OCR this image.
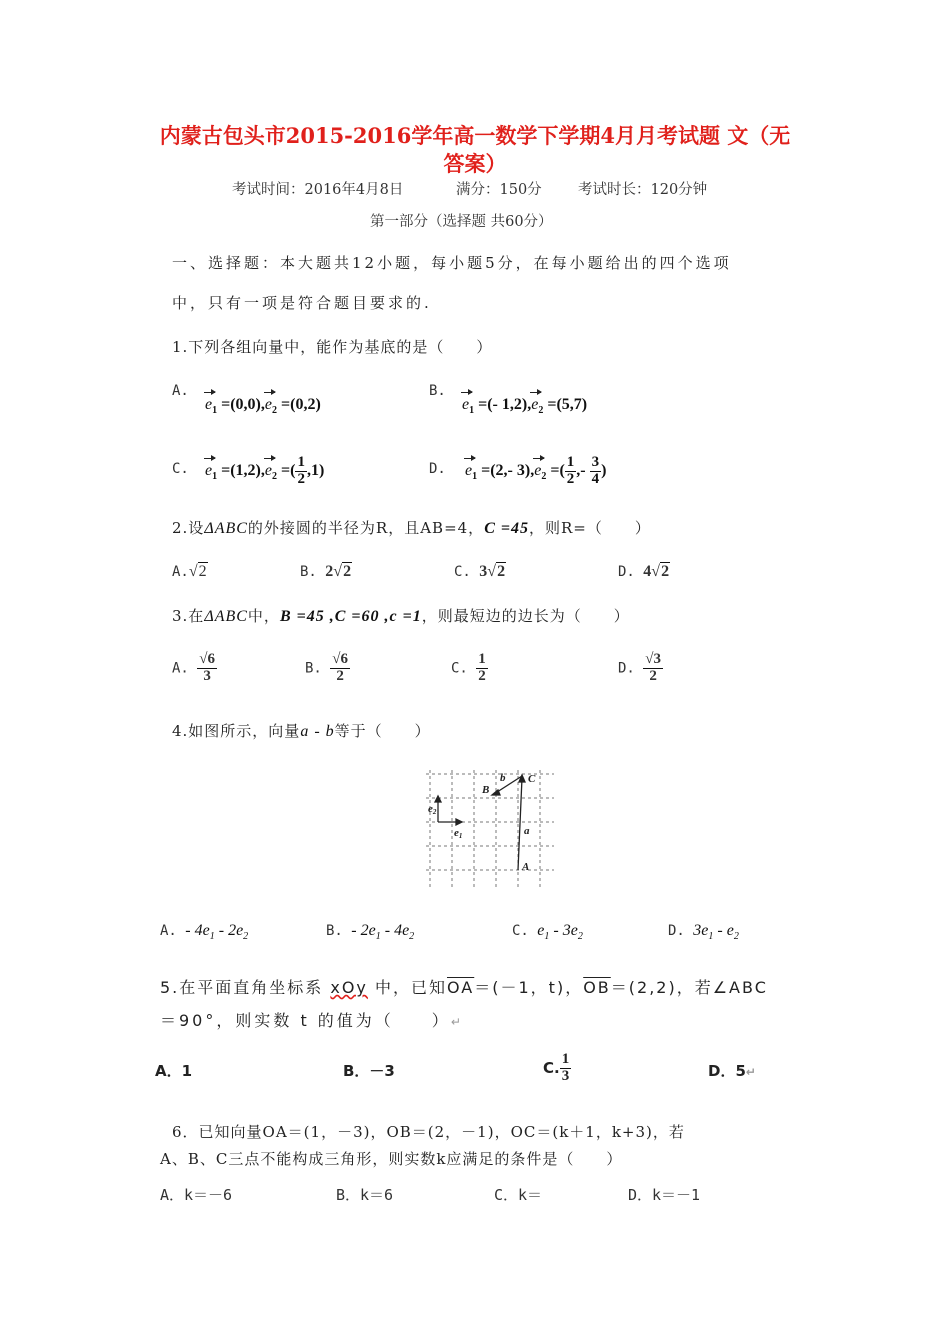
内蒙古包头市2015-2016学年高一数学下学期4月月考试题 文（无
答案）
考试时间：2016年4月8日	满分：150分	考试时长：120分钟
第一部分（选择题 共60分）
一、选择题：本大题共12小题，每小题5分，在每小题给出的四个选项
中，只有一项是符合题目要求的.
1.下列各组向量中，能作为基底的是（　　）
A.
$e_1 =(0,0),e_2 =(0,2)$
B.
$e_1$ =(- $1,2),e_2 =(5,7)$
C. $e_1 =(1,2),e_2$ =( $\frac{1}{2} ,1$)	D. $e_1 =(2,-$ $3),e_2$ =( $\frac{1}{2}$ ,- $\frac{3}{4}$ )
2.设ΔABC的外接圆的半径为R，且AB=4，C =45，则R=（　　）
A.√2	B. 2√2	C. 3√2	D. 4√2
3.在ΔABC中，B =45 ,C =60 ,c =1，则最短边的边长为（　　）
A. $\frac{√6}{3}$	B. $\frac{√6}{2}$	C. $\frac{1}{2}$	D. $\frac{√3}{2}$
4.如图所示，向量a - b等于（　　）
B
b C
a
A
e2
e1
A. - $4e_1 - 2e_2$	B. - $2e_1 - 4e_2$	C. $e_1 - 3e_2$	D. $3e_1 - e_2$
5.在平面直角坐标系 xOy 中，已知$\overline{OA}=(-1$，t)，$\overline{OB}=(2,2)$，若∠ABC
＝90°，则实数 t 的值为（　　）↵
A．1	B．－3	C. $\frac{1}{3}$	D．5↵
6．已知向量OA＝(1，－3)，OB＝(2，－1)，OC＝(k＋1，k+3)，若
A、B、C三点不能构成三角形，则实数k应满足的条件是（　　）
A．k＝－6	B．k＝6	C．k＝	D．k＝－1
